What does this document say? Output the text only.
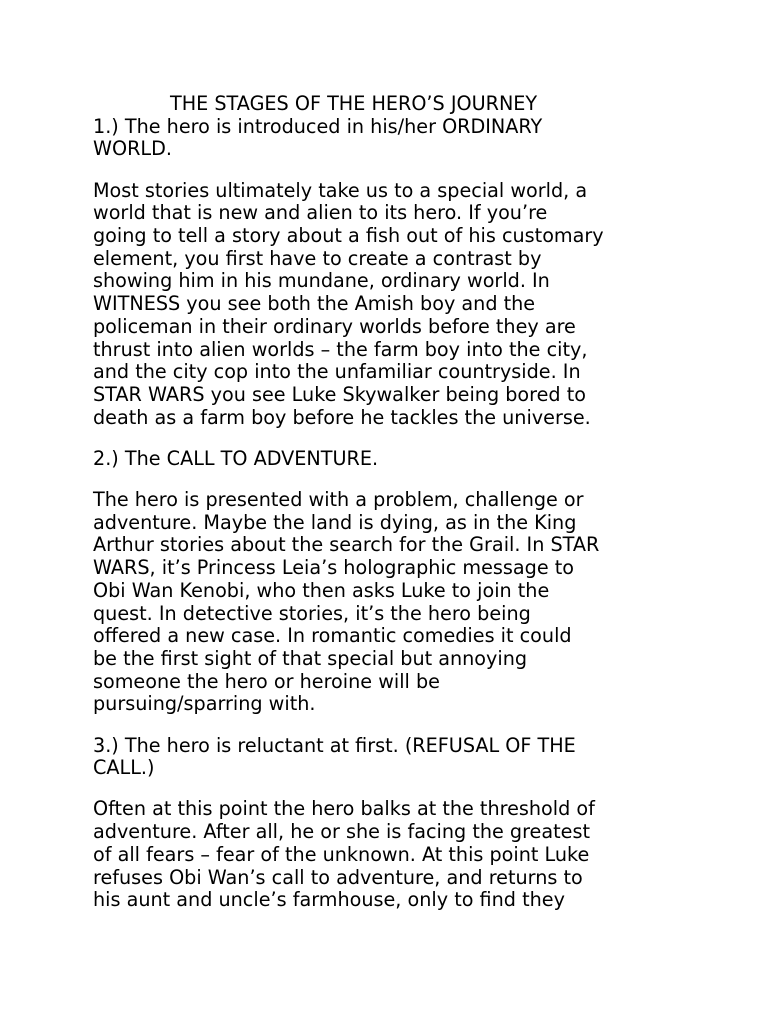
THE STAGES OF THE HERO’S JOURNEY
1.) The hero is introduced in his/her ORDINARY
WORLD.
Most stories ultimately take us to a special world, a
world that is new and alien to its hero. If you’re
going to tell a story about a fish out of his customary
element, you first have to create a contrast by
showing him in his mundane, ordinary world. In
WITNESS you see both the Amish boy and the
policeman in their ordinary worlds before they are
thrust into alien worlds – the farm boy into the city,
and the city cop into the unfamiliar countryside. In
STAR WARS you see Luke Skywalker being bored to
death as a farm boy before he tackles the universe.
2.) The CALL TO ADVENTURE.
The hero is presented with a problem, challenge or
adventure. Maybe the land is dying, as in the King
Arthur stories about the search for the Grail. In STAR
WARS, it’s Princess Leia’s holographic message to
Obi Wan Kenobi, who then asks Luke to join the
quest. In detective stories, it’s the hero being
offered a new case. In romantic comedies it could
be the first sight of that special but annoying
someone the hero or heroine will be
pursuing/sparring with.
3.) The hero is reluctant at first. (REFUSAL OF THE
CALL.)
Often at this point the hero balks at the threshold of
adventure. After all, he or she is facing the greatest
of all fears – fear of the unknown. At this point Luke
refuses Obi Wan’s call to adventure, and returns to
his aunt and uncle’s farmhouse, only to find they
